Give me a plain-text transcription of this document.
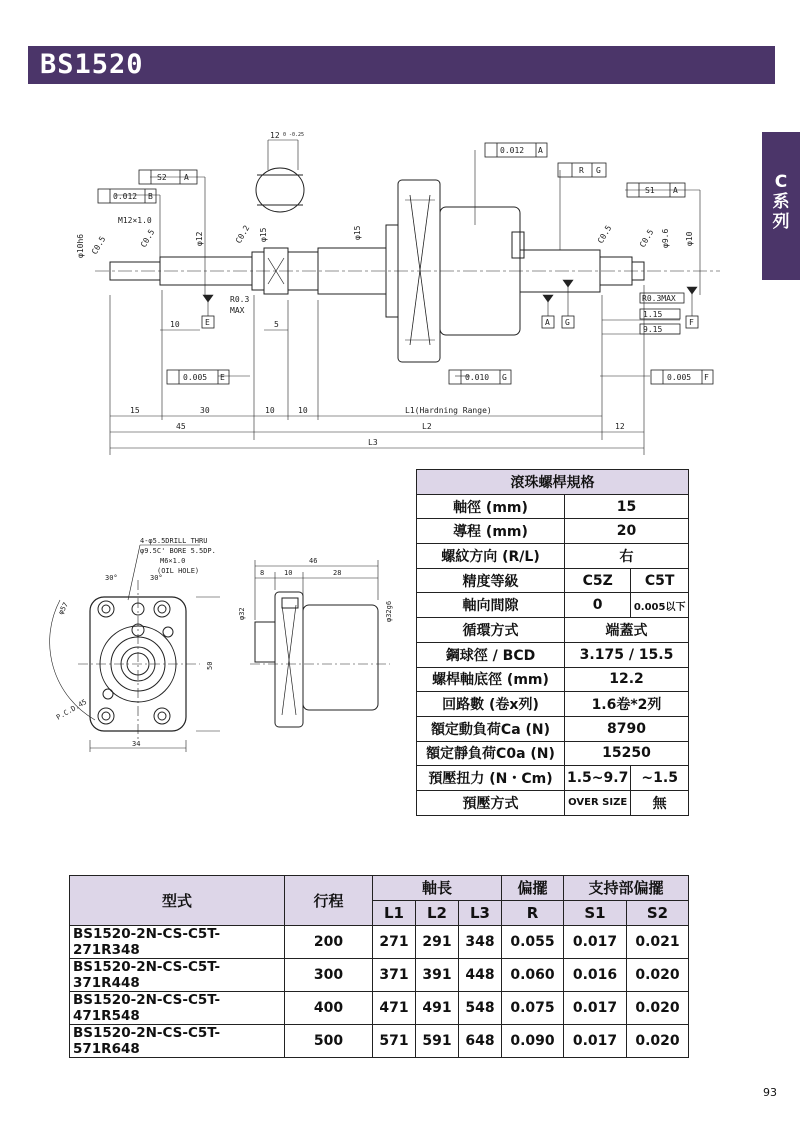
BS1520
C
系
列
12 0 -0.25
S2 A
0.012 B
0.012 A
R G
S1 A
M12×1.0
φ10h6 C0.5	C0.5	φ12	C0.2 φ15	φ15	C0.5	C0.5 φ9.6 φ10
R0.3
MAX
R0.3MAX
1.15
9.15
10	5
E	A G	F
0.005 E	0.010 G	0.005 F
15	30	10	10	L1(Hardning Range)
45	L2	12
L3
4-φ5.5DRILL THRU
φ9.5C' BORE 5.5DP.
M6×1.0
(OIL HOLE)
30°	30°
φ57
P.C.D.45
50
34
46
8	10	28
φ32	φ32g6
滾珠螺桿規格		
軸徑 (mm)	15	
導程 (mm)	20	
螺紋方向 (R/L)	右	
精度等級	C5Z	C5T
軸向間隙	0	0.005以下
循環方式	端蓋式	
鋼球徑 / BCD	3.175 / 15.5	
螺桿軸底徑 (mm)	12.2	
回路數 (卷x列)	1.6卷*2列	
額定動負荷Ca (N)	8790	
額定靜負荷C0a (N)	15250	
預壓扭力 (N・Cm)	1.5~9.7	~1.5
預壓方式	OVER SIZE	無
型式	行程	軸長			偏擺	支持部偏擺	
		L1	L2	L3	R	S1	S2
BS1520-2N-CS-C5T-271R348	200	271	291	348	0.055	0.017	0.021
BS1520-2N-CS-C5T-371R448	300	371	391	448	0.060	0.016	0.020
BS1520-2N-CS-C5T-471R548	400	471	491	548	0.075	0.017	0.020
BS1520-2N-CS-C5T-571R648	500	571	591	648	0.090	0.017	0.020
93
